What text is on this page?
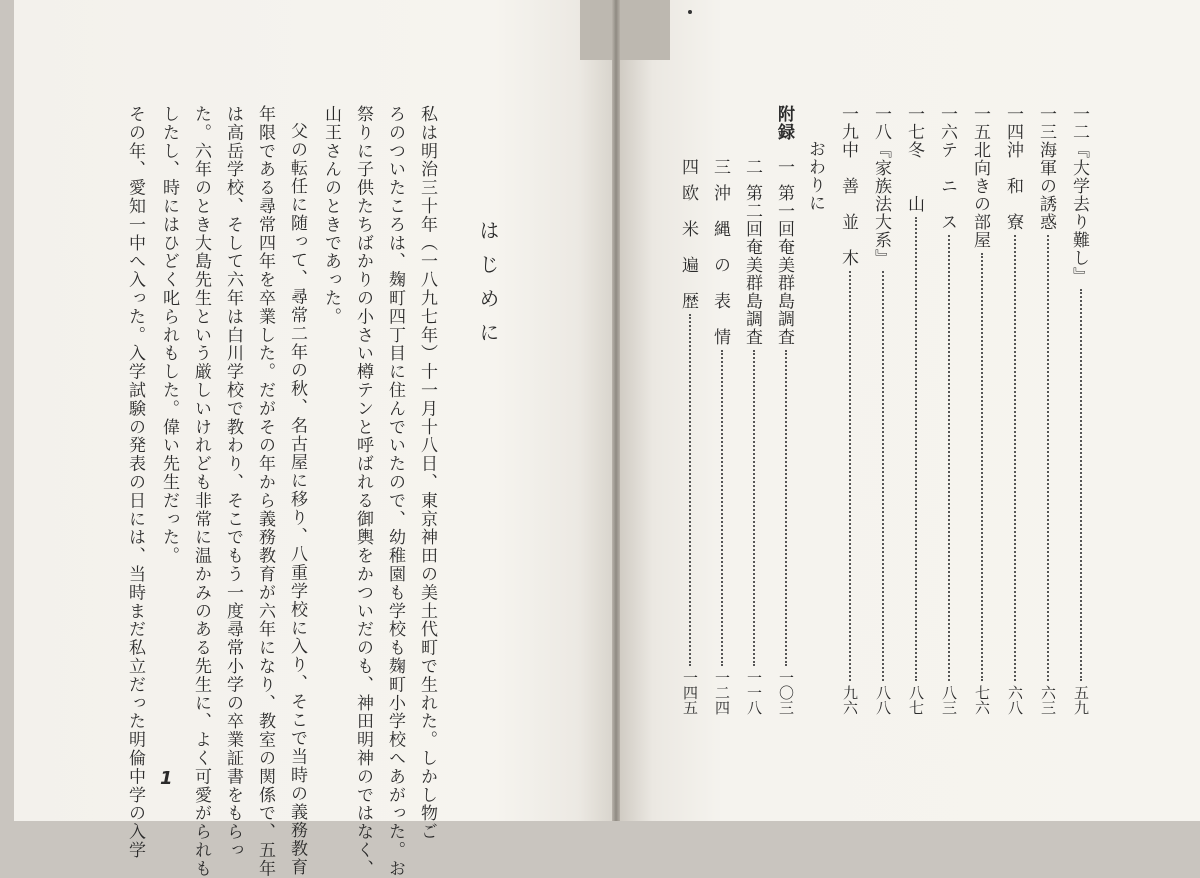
はじめに
私は明治三十年（一八九七年）十一月十八日、東京神田の美土代町で生れた。しかし物ご
ろのついたころは、麹町四丁目に住んでいたので、幼稚園も学校も麹町小学校へあがった。お
祭りに子供たちばかりの小さい樽テンと呼ばれる御輿をかついだのも、神田明神のではなく、
山王さんのときであった。
父の転任に随って、尋常二年の秋、名古屋に移り、八重学校に入り、そこで当時の義務教育
年限である尋常四年を卒業した。だがその年から義務教育が六年になり、教室の関係で、五年
は高岳学校、そして六年は白川学校で教わり、そこでもう一度尋常小学の卒業証書をもらっ
た。六年のとき大島先生という厳しいけれども非常に温かみのある先生に、よく可愛がられも
したし、時にはひどく叱られもした。偉い先生だった。
その年、愛知一中へ入った。入学試験の発表の日には、当時まだ私立だった明倫中学の入学 1
一二
『大学去り難し』
五九
一三
海軍の誘惑
六三
一四
沖　和　寮
六八
一五
北向きの部屋
七六
一六
テ　ニ　ス
八三
一七
冬　　山
八七
一八
『家族法大系』
八八
一九
中　善　並　木
九六
おわりに
附録
一
第一回奄美群島調査
一〇三
二
第二回奄美群島調査
一一八
三
沖　縄　の　表　情
一二四
四
欧　米　遍　歴
一四五
